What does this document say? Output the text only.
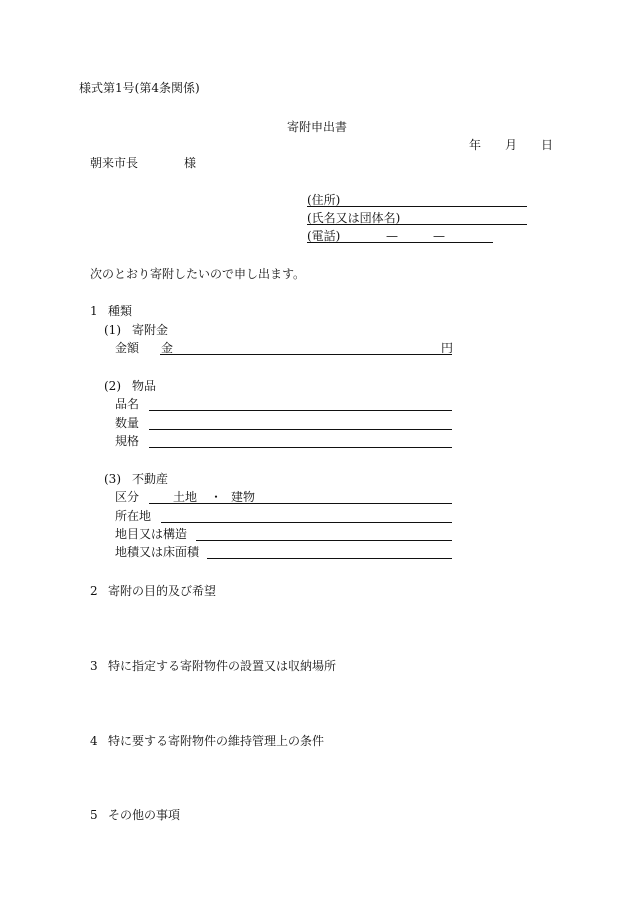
様式第1号(第4条関係)
寄附申出書
年 月 日
朝来市長	様
(住所)
(氏名又は団体名)
(電話)	—	—
次のとおり寄附したいので申し出ます。
1 種類
(1) 寄附金
金額 金	円
(2) 物品
品名
数量
規格
(3) 不動産
区分	土地 ・ 建物
所在地
地目又は構造
地積又は床面積
2 寄附の目的及び希望
3 特に指定する寄附物件の設置又は収納場所
4 特に要する寄附物件の維持管理上の条件
5 その他の事項
